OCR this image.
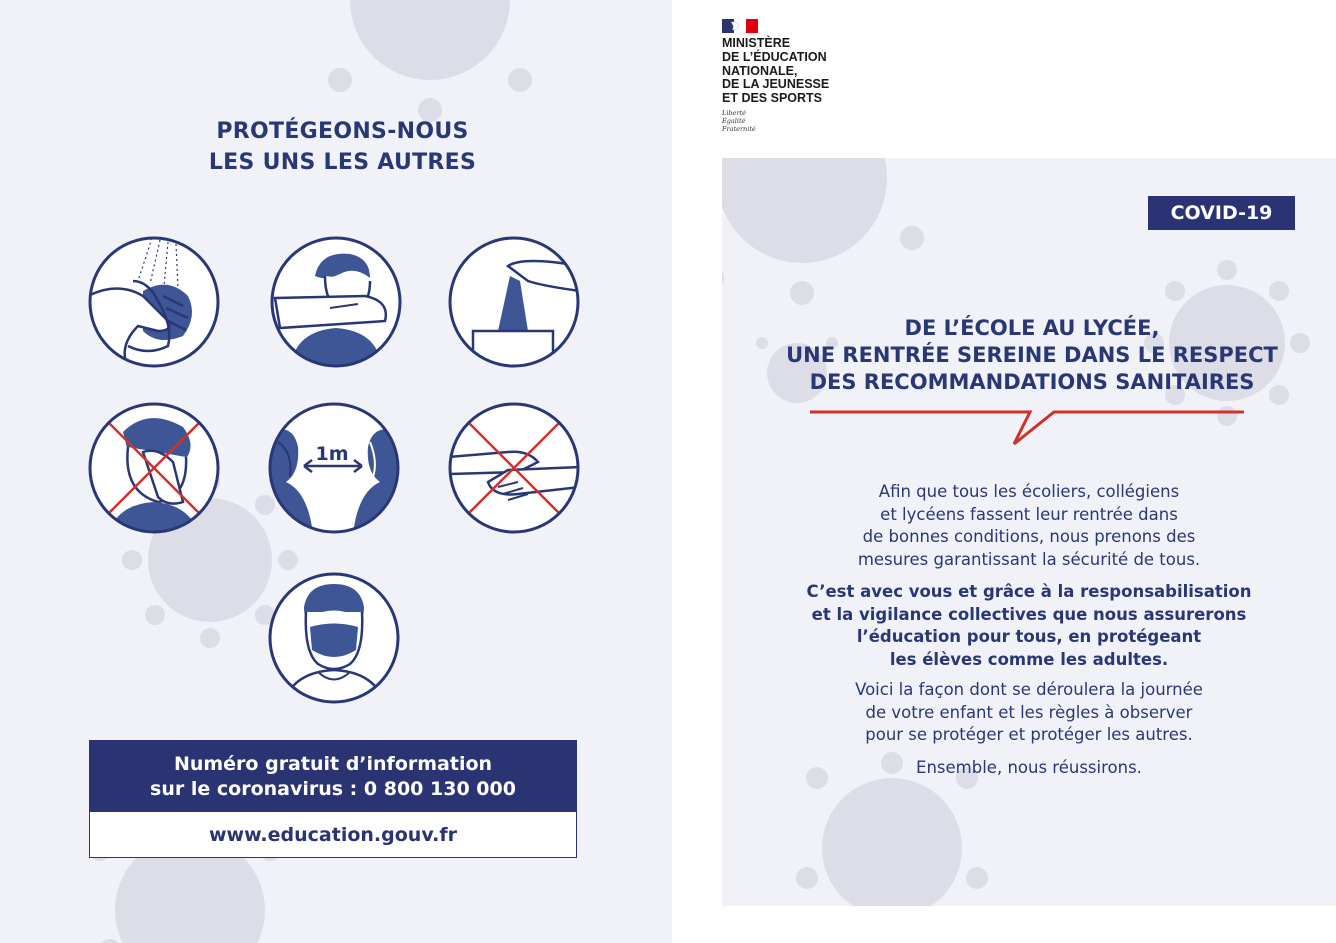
PROTÉGEONS-NOUS
LES UNS LES AUTRES
1m
Numéro gratuit d’information
sur le coronavirus : 0 800 130 000
www.education.gouv.fr
MINISTÈRE
DE L’ÉDUCATION
NATIONALE,
DE LA JEUNESSE
ET DES SPORTS
Liberté
Égalité
Fraternité
COVID-19
DE L’ÉCOLE AU LYCÉE,
UNE RENTRÉE SEREINE DANS LE RESPECT
DES RECOMMANDATIONS SANITAIRES
Afin que tous les écoliers, collégiens
et lycéens fassent leur rentrée dans
de bonnes conditions, nous prenons des
mesures garantissant la sécurité de tous.
C’est avec vous et grâce à la responsabilisation
et la vigilance collectives que nous assurerons
l’éducation pour tous, en protégeant
les élèves comme les adultes.
Voici la façon dont se déroulera la journée
de votre enfant et les règles à observer
pour se protéger et protéger les autres.
Ensemble, nous réussirons.
